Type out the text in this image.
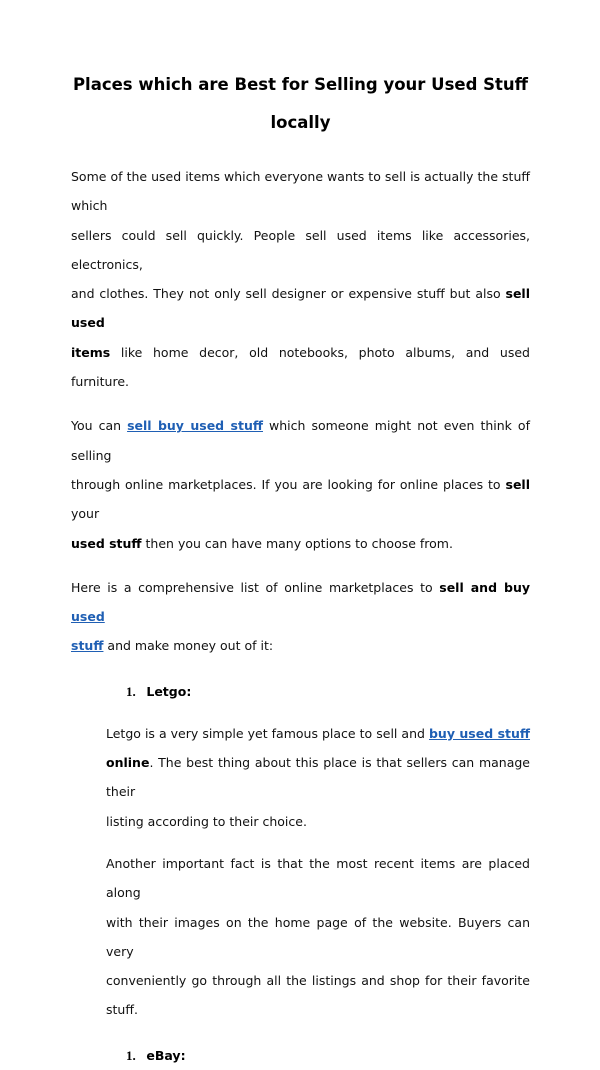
Places which are Best for Selling your Used Stuff
locally
Some of the used items which everyone wants to sell is actually the stuff which
sellers could sell quickly. People sell used items like accessories, electronics,
and clothes. They not only sell designer or expensive stuff but also sell used
items like home decor, old notebooks, photo albums, and used furniture.
You can sell buy used stuff which someone might not even think of selling
through online marketplaces. If you are looking for online places to sell your
used stuff then you can have many options to choose from.
Here is a comprehensive list of online marketplaces to sell and buy used
stuff and make money out of it:
1. Letgo:
Letgo is a very simple yet famous place to sell and buy used stuff
online. The best thing about this place is that sellers can manage their
listing according to their choice.
Another important fact is that the most recent items are placed along
with their images on the home page of the website. Buyers can very
conveniently go through all the listings and shop for their favorite stuff.
1. eBay:
